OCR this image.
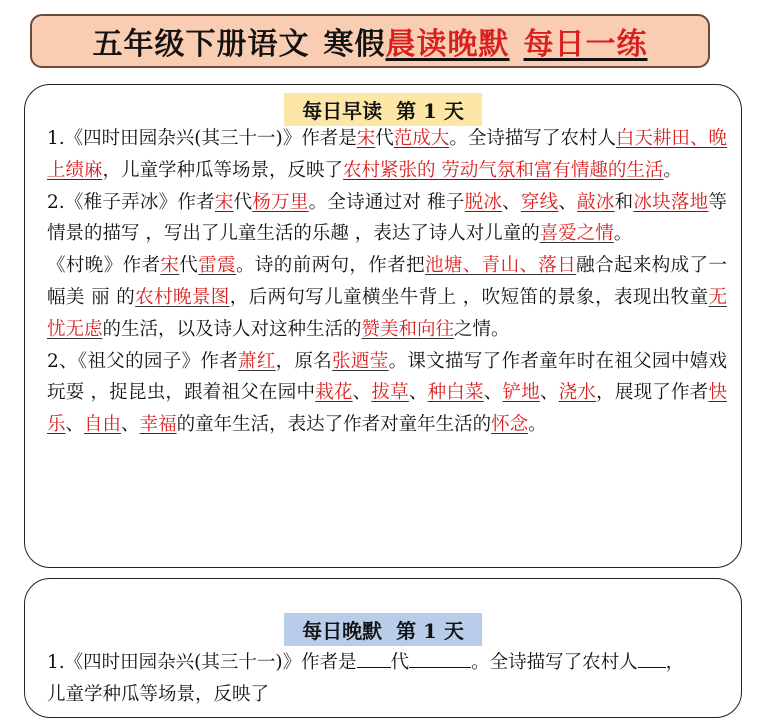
五年级下册语文 寒假 晨读晚默 每日一练
每日早读 第 1 天

1.《四时田园杂兴(其三十一)》作者是宋代范成大。全诗描写了农村人白天耕田、晚上绩麻，儿童学种瓜等场景，反映了农村紧张的 劳动气氛和富有情趣的生活。

2.《稚子弄冰》作者宋代杨万里。全诗通过对 稚子脱冰、穿线、敲冰和冰块落地等情景的描写 ，写出了儿童生活的乐趣 ，表达了诗人对儿童的喜爱之情。

《村晚》作者宋代雷震。诗的前两句，作者把池塘、青山、落日融合起来构成了一幅美 丽 的农村晚景图，后两句写儿童横坐牛背上 ，吹短笛的景象，表现出牧童无忧无虑的生活，以及诗人对这种生活的赞美和向往之情。

2、《祖父的园子》作者萧红，原名张迺莹。课文描写了作者童年时在祖父园中嬉戏玩耍 ，捉昆虫，跟着祖父在园中栽花、拔草、种白菜、铲地、浇水，展现了作者快乐、自由、幸福的童年生活，表达了作者对童年生活的怀念。

每日晚默 第 1 天

1.《四时田园杂兴(其三十一)》作者是 代	。全诗描写了农村人 ，

儿童学种瓜等场景，反映了
